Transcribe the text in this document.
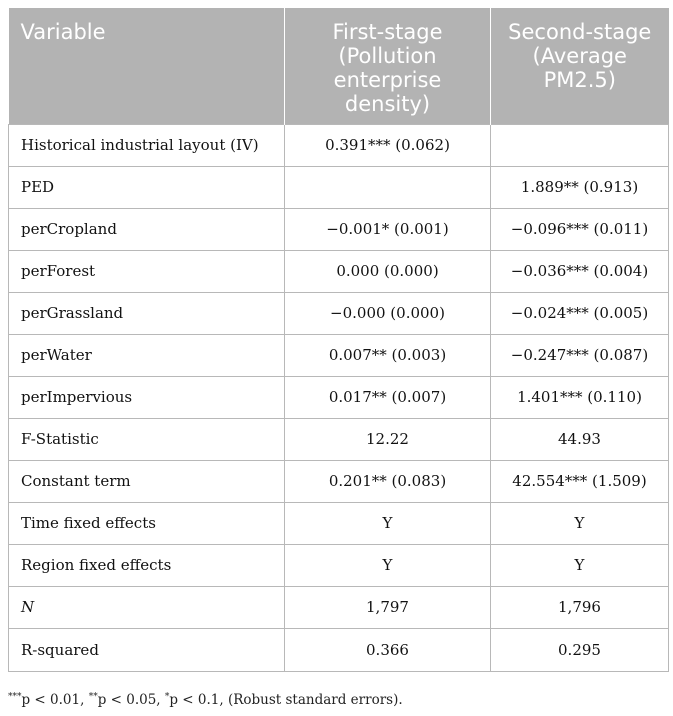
Variable	First-stage (Pollution enterprise density)	Second-stage (Average PM2.5)
Historical industrial layout (IV)	0.391*** (0.062)	
PED		1.889** (0.913)
perCropland	−0.001* (0.001)	−0.096*** (0.011)
perForest	0.000 (0.000)	−0.036*** (0.004)
perGrassland	−0.000 (0.000)	−0.024*** (0.005)
perWater	0.007** (0.003)	−0.247*** (0.087)
perImpervious	0.017** (0.007)	1.401*** (0.110)
F-Statistic	12.22	44.93
Constant term	0.201** (0.083)	42.554*** (1.509)
Time fixed effects	Y	Y
Region fixed effects	Y	Y
N	1,797	1,796
R-squared	0.366	0.295
***p < 0.01, **p < 0.05, *p < 0.1, (Robust standard errors).
